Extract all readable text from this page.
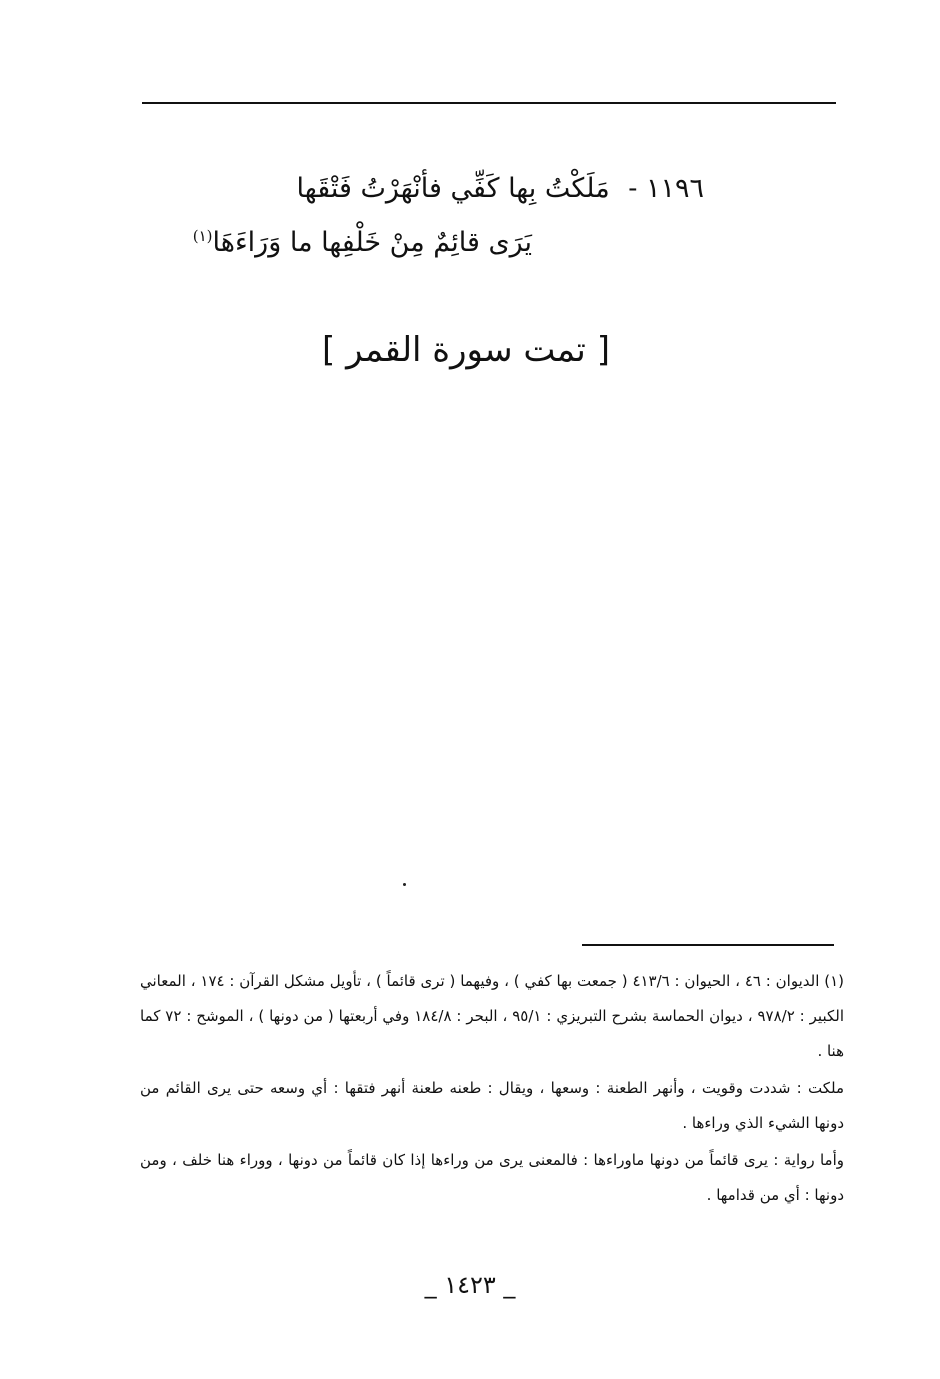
١١٩٦ - مَلَكْتُ بِها كَفِّي فأنْهَرْتُ فَتْقَها
يَرَى قائِمٌ مِنْ خَلْفِها ما وَرَاءَهَا$^{(١)}$
[ تمت سورة القمر ]

(١) الديوان : ٤٦ ، الحيوان : ٤١٣/٦ ( جمعت بها كفي ) ، وفيهما ( ترى قائماً ) ، تأويل مشكل القرآن : ١٧٤ ، المعاني الكبير : ٩٧٨/٢ ، ديوان الحماسة بشرح التبريزي : ٩٥/١ ، البحر : ١٨٤/٨ وفي أربعتها ( من دونها ) ، الموشح : ٧٢ كما هنا .

ملكت : شددت وقويت ، وأنهر الطعنة : وسعها ، ويقال : طعنه طعنة أنهر فتقها : أي وسعه حتى يرى القائم من دونها الشيء الذي وراءها .

وأما رواية : يرى قائماً من دونها ماوراءها : فالمعنى يرى من وراءها إذا كان قائماً من دونها ، ووراء هنا خلف ، ومن دونها : أي من قدامها .

_ ١٤٢٣ _
